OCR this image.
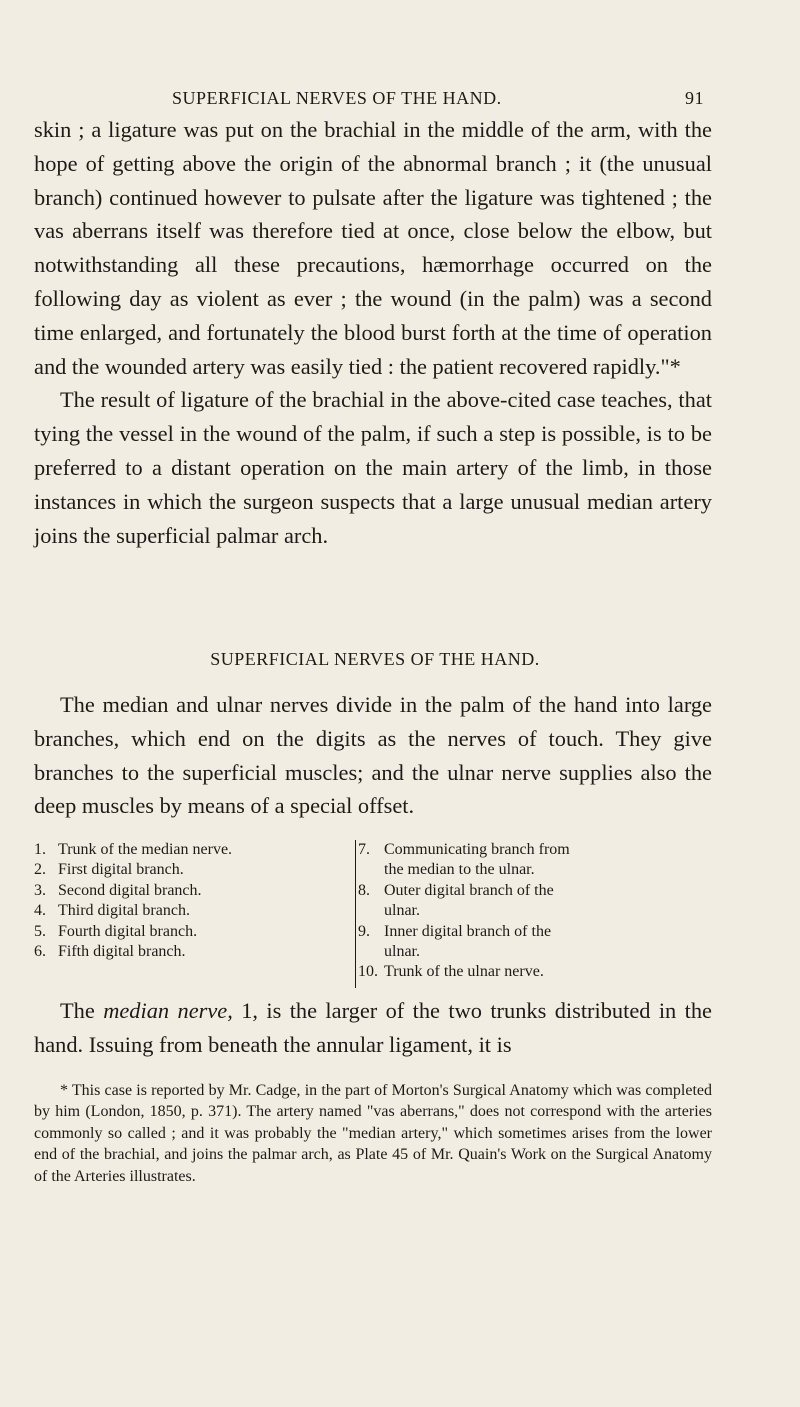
SUPERFICIAL NERVES OF THE HAND.	91

skin ; a ligature was put on the brachial in the middle of the arm, with the hope of getting above the origin of the abnormal branch ; it (the unusual branch) continued however to pulsate after the ligature was tightened ; the vas aberrans itself was therefore tied at once, close below the elbow, but notwithstanding all these precautions, hæmorrhage occurred on the following day as violent as ever ; the wound (in the palm) was a second time enlarged, and fortunately the blood burst forth at the time of operation and the wounded artery was easily tied : the patient recovered rapidly."*

The result of ligature of the brachial in the above-cited case teaches, that tying the vessel in the wound of the palm, if such a step is possible, is to be preferred to a distant operation on the main artery of the limb, in those instances in which the surgeon suspects that a large unusual median artery joins the superficial palmar arch.

SUPERFICIAL NERVES OF THE HAND.

The median and ulnar nerves divide in the palm of the hand into large branches, which end on the digits as the nerves of touch. They give branches to the superficial muscles; and the ulnar nerve supplies also the deep muscles by means of a special offset.

1. Trunk of the median nerve.
2. First digital branch.
3. Second digital branch.
4. Third digital branch.
5. Fourth digital branch.
6. Fifth digital branch.
7. Communicating branch from
the median to the ulnar.
8. Outer digital branch of the
ulnar.
9. Inner digital branch of the
ulnar.
10. Trunk of the ulnar nerve.

The median nerve, 1, is the larger of the two trunks distributed in the hand. Issuing from beneath the annular ligament, it is

* This case is reported by Mr. Cadge, in the part of Morton's Surgical Anatomy which was completed by him (London, 1850, p. 371). The artery named "vas aberrans," does not correspond with the arteries commonly so called ; and it was probably the "median artery," which sometimes arises from the lower end of the brachial, and joins the palmar arch, as Plate 45 of Mr. Quain's Work on the Surgical Anatomy of the Arteries illustrates.
